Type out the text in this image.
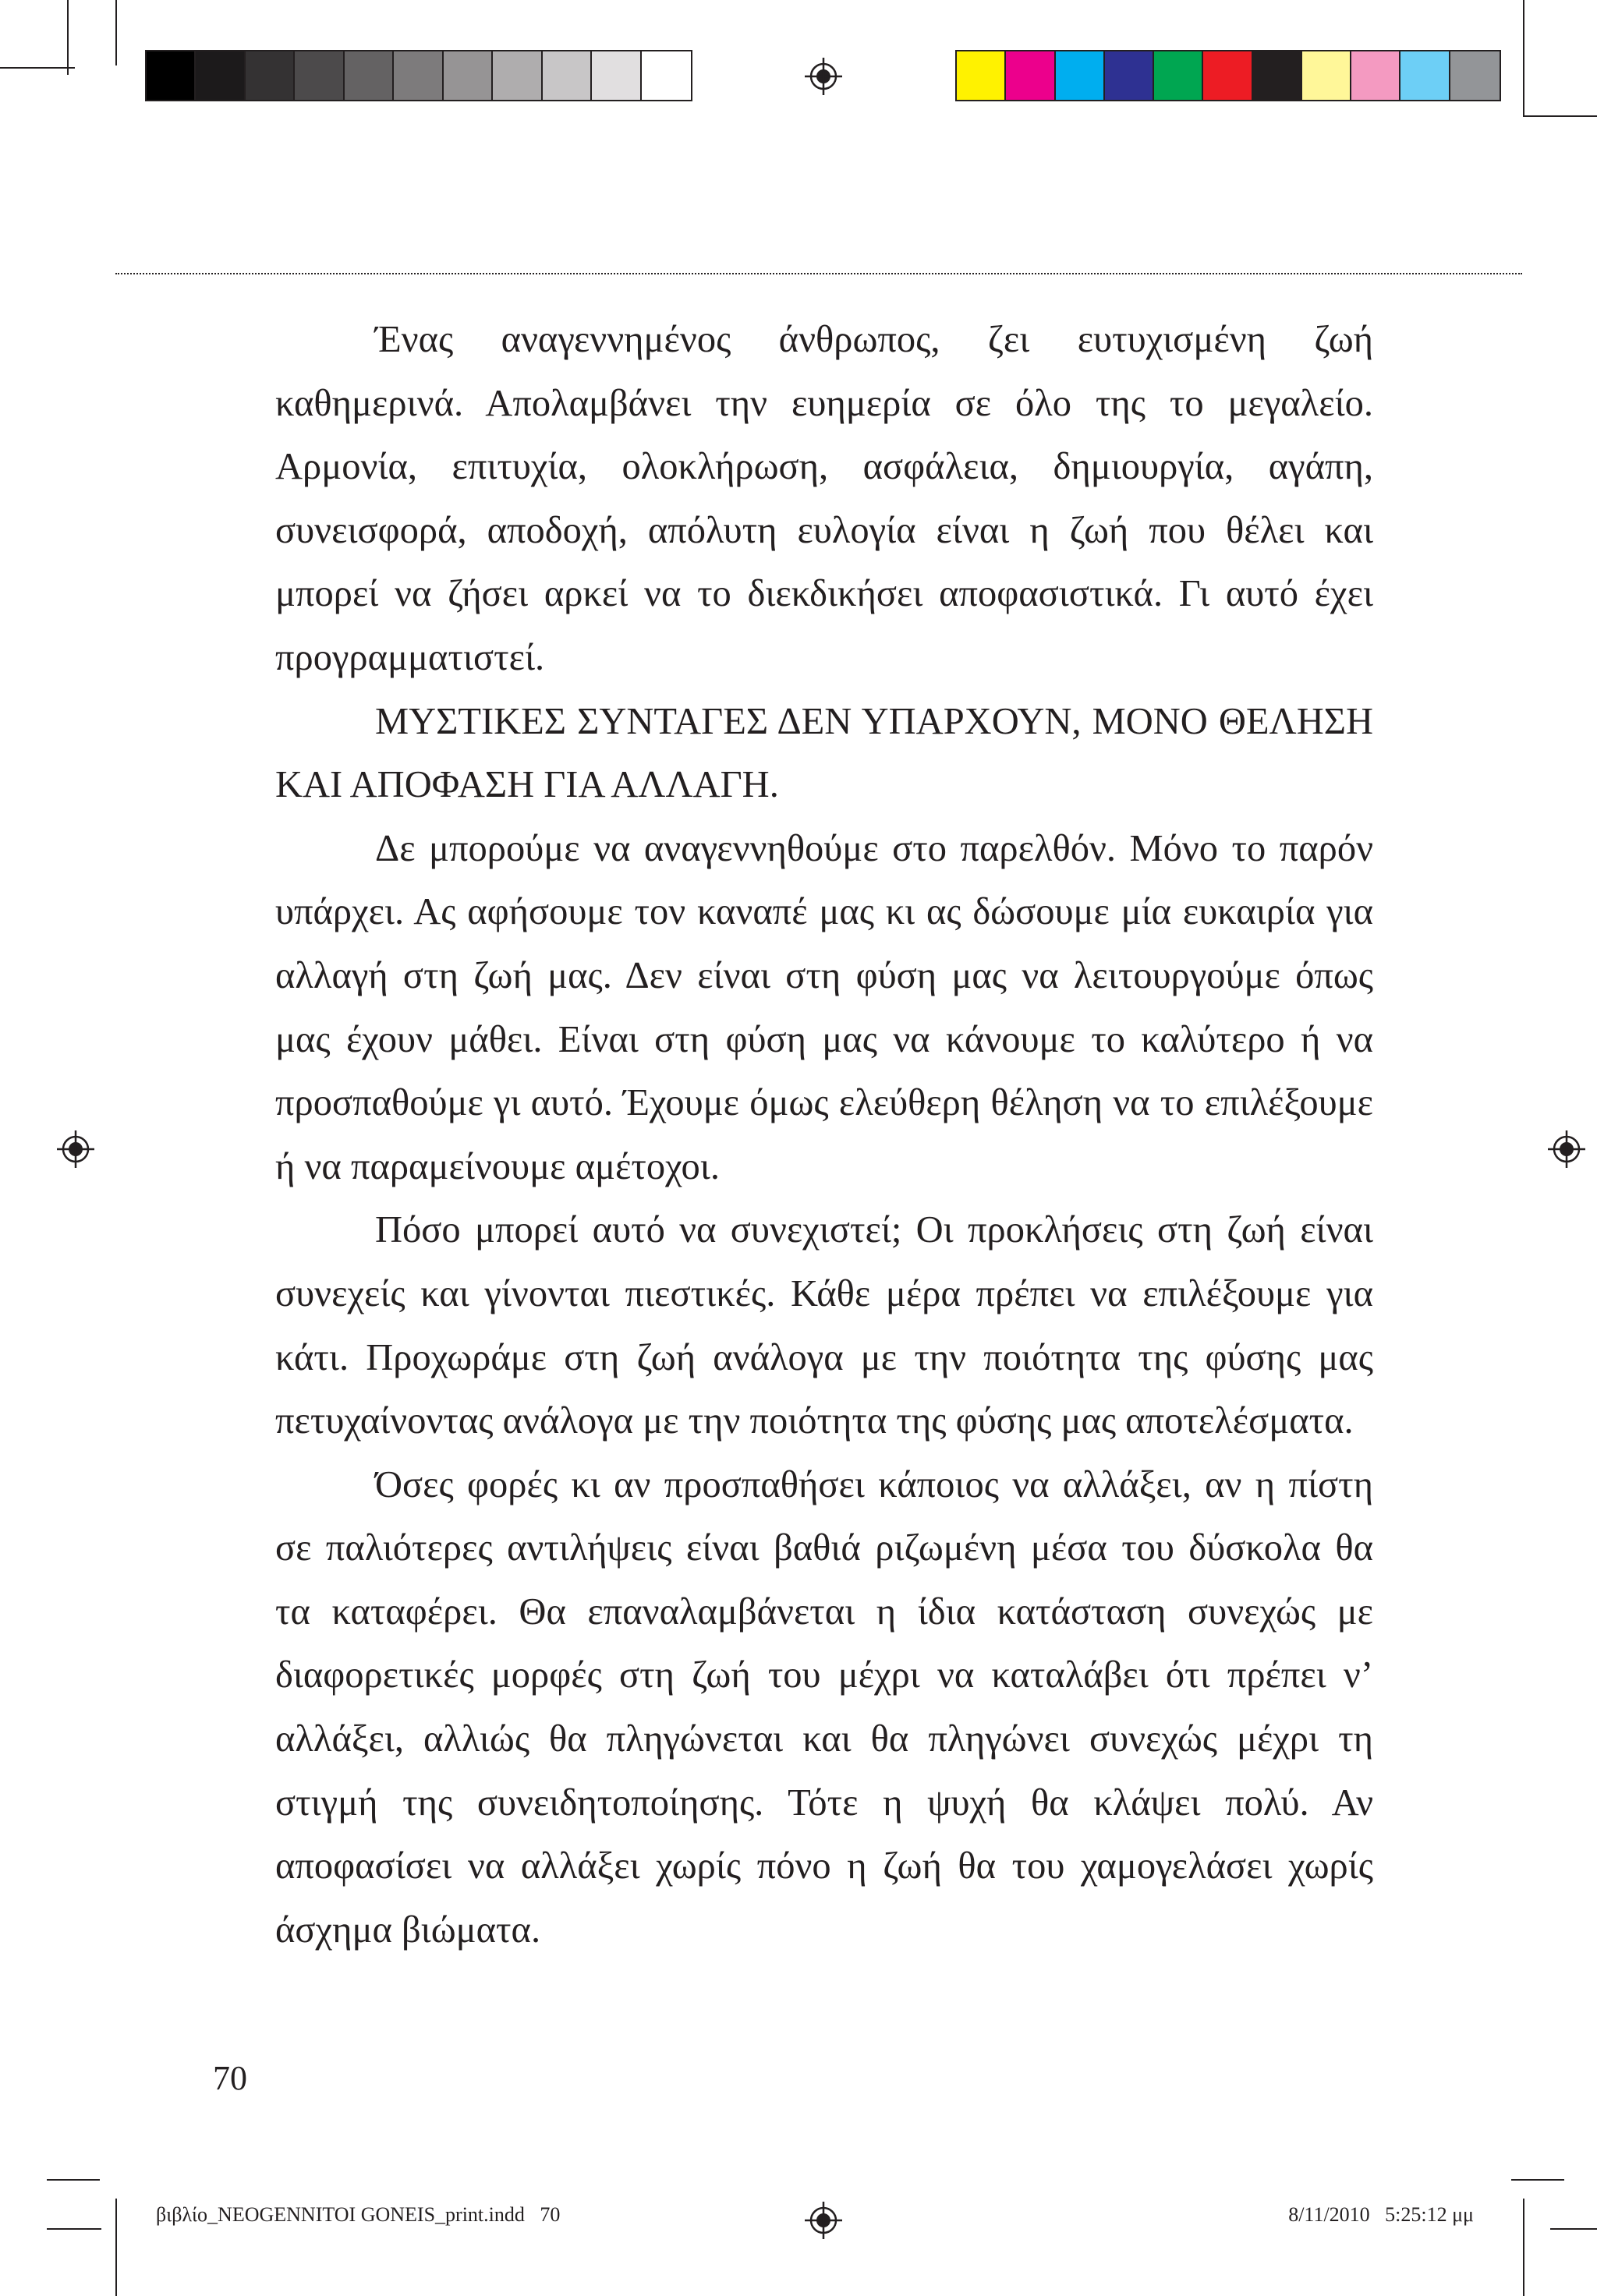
Ένας αναγεννημένος άνθρωπος, ζει ευτυχισμένη ζωή καθημερινά. Απολαμβάνει την ευημερία σε όλο της το μεγαλείο. Αρμονία, επιτυχία, ολοκλήρωση, ασφάλεια, δημιουργία, αγάπη, συνεισφορά, αποδοχή, απόλυτη ευλογία είναι η ζωή που θέλει και μπορεί να ζήσει αρκεί να το διεκδικήσει αποφασιστικά. Γι αυτό έχει προγραμματιστεί.

ΜΥΣΤΙΚΕΣ ΣΥΝΤΑΓΕΣ ΔΕΝ ΥΠΑΡΧΟΥΝ, ΜΟΝΟ ΘΕΛΗΣΗ ΚΑΙ ΑΠΟΦΑΣΗ ΓΙΑ ΑΛΛΑΓΗ.

Δε μπορούμε να αναγεννηθούμε στο παρελθόν. Μόνο το παρόν υπάρχει. Ας αφήσουμε τον καναπέ μας κι ας δώσουμε μία ευκαιρία για αλλαγή στη ζωή μας. Δεν είναι στη φύση μας να λειτουργούμε όπως μας έχουν μάθει. Είναι στη φύση μας να κάνουμε το καλύτερο ή να προσπαθούμε γι αυτό. Έχουμε όμως ελεύθερη θέληση να το επιλέξουμε ή να παραμείνουμε αμέτοχοι.

Πόσο μπορεί αυτό να συνεχιστεί; Οι προκλήσεις στη ζωή είναι συνεχείς και γίνονται πιεστικές. Κάθε μέρα πρέπει να επιλέξουμε για κάτι. Προχωράμε στη ζωή ανάλογα με την ποιότητα της φύσης μας πετυχαίνοντας ανάλογα με την ποιότητα της φύσης μας αποτελέσματα.

Όσες φορές κι αν προσπαθήσει κάποιος να αλλάξει, αν η πίστη σε παλιότερες αντιλήψεις είναι βαθιά ριζωμένη μέσα του δύσκολα θα τα καταφέρει. Θα επαναλαμβάνεται η ίδια κατάσταση συνεχώς με διαφορετικές μορφές στη ζωή του μέχρι να καταλάβει ότι πρέπει ν’ αλλάξει, αλλιώς θα πληγώνεται και θα πληγώνει συνεχώς μέχρι τη στιγμή της συνειδητοποίησης. Τότε η ψυχή θα κλάψει πολύ. Αν αποφασίσει να αλλάξει χωρίς πόνο η ζωή θα του χαμογελάσει χωρίς άσχημα βιώματα.

70
βιβλίο_NEOGENNITOI GONEIS_print.indd   70	8/11/2010   5:25:12 μμ
